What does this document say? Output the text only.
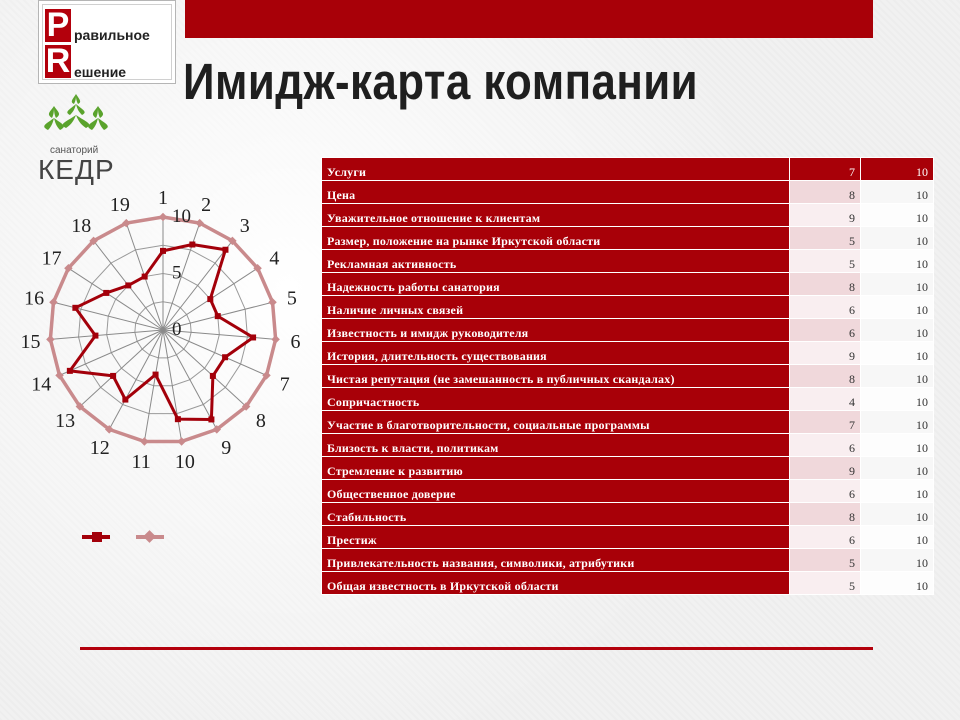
P равильное
R ешение Имидж-карта компании
санаторий
КЕДР
0
5
10
1 2
3
4
5
6
7
8
9
10
11
12
13
14
15
16
17
18
19
Услуги	7	10
Цена	8	10
Уважительное отношение к клиентам	9	10
Размер, положение на рынке Иркутской области	5	10
Рекламная активность	5	10
Надежность работы санатория	8	10
Наличие личных связей	6	10
Известность и имидж руководителя	6	10
История, длительность существования	9	10
Чистая репутация (не замешанность в публичных скандалах)	8	10
Сопричастность	4	10
Участие в благотворительности, социальные программы	7	10
Близость к власти, политикам	6	10
Стремление к развитию	9	10
Общественное доверие	6	10
Стабильность	8	10
Престиж	6	10
Привлекательность названия, символики, атрибутики	5	10
Общая известность в Иркутской области	5	10
